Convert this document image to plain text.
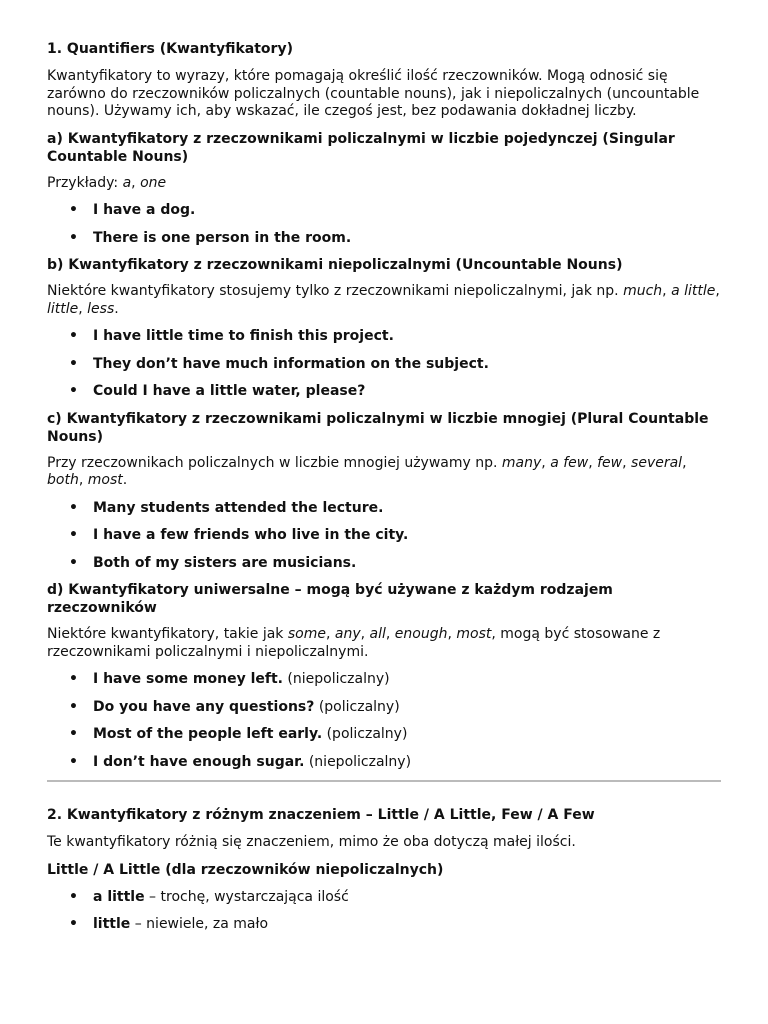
1. Quantifiers (Kwantyfikatory)

Kwantyfikatory to wyrazy, które pomagają określić ilość rzeczowników. Mogą odnosić się zarówno do rzeczowników policzalnych (countable nouns), jak i niepoliczalnych (uncountable nouns). Używamy ich, aby wskazać, ile czegoś jest, bez podawania dokładnej liczby.

a) Kwantyfikatory z rzeczownikami policzalnymi w liczbie pojedynczej (Singular Countable Nouns)

Przykłady: a, one

• I have a dog.
• There is one person in the room.
b) Kwantyfikatory z rzeczownikami niepoliczalnymi (Uncountable Nouns)

Niektóre kwantyfikatory stosujemy tylko z rzeczownikami niepoliczalnymi, jak np. much, a little, little, less.

• I have little time to finish this project.
• They don’t have much information on the subject.
• Could I have a little water, please?
c) Kwantyfikatory z rzeczownikami policzalnymi w liczbie mnogiej (Plural Countable Nouns)

Przy rzeczownikach policzalnych w liczbie mnogiej używamy np. many, a few, few, several, both, most.

• Many students attended the lecture.
• I have a few friends who live in the city.
• Both of my sisters are musicians.
d) Kwantyfikatory uniwersalne – mogą być używane z każdym rodzajem rzeczowników

Niektóre kwantyfikatory, takie jak some, any, all, enough, most, mogą być stosowane z rzeczownikami policzalnymi i niepoliczalnymi.

• I have some money left. (niepoliczalny)
• Do you have any questions? (policzalny)
• Most of the people left early. (policzalny)
• I don’t have enough sugar. (niepoliczalny)
2. Kwantyfikatory z różnym znaczeniem – Little / A Little, Few / A Few

Te kwantyfikatory różnią się znaczeniem, mimo że oba dotyczą małej ilości.

Little / A Little (dla rzeczowników niepoliczalnych)
• a little – trochę, wystarczająca ilość
• little – niewiele, za mało
